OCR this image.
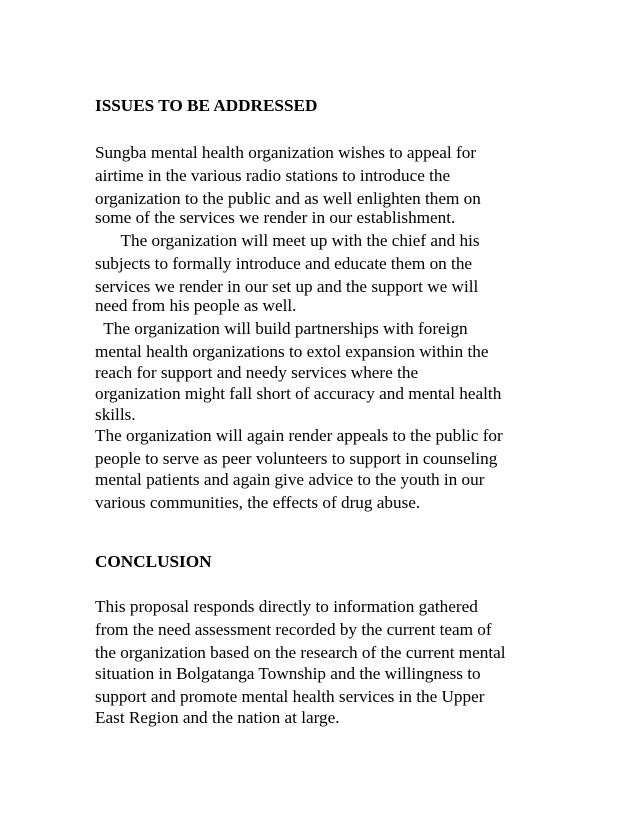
ISSUES TO BE ADDRESSED
Sungba mental health organization wishes to appeal for
airtime in the various radio stations to introduce the
organization to the public and as well enlighten them on
some of the services we render in our establishment.
The organization will meet up with the chief and his
subjects to formally introduce and educate them on the
services we render in our set up and the support we will
need from his people as well.
The organization will build partnerships with foreign
mental health organizations to extol expansion within the
reach for support and needy services where the
organization might fall short of accuracy and mental health
skills.
The organization will again render appeals to the public for
people to serve as peer volunteers to support in counseling
mental patients and again give advice to the youth in our
various communities, the effects of drug abuse.
CONCLUSION
This proposal responds directly to information gathered
from the need assessment recorded by the current team of
the organization based on the research of the current mental
situation in Bolgatanga Township and the willingness to
support and promote mental health services in the Upper
East Region and the nation at large.
